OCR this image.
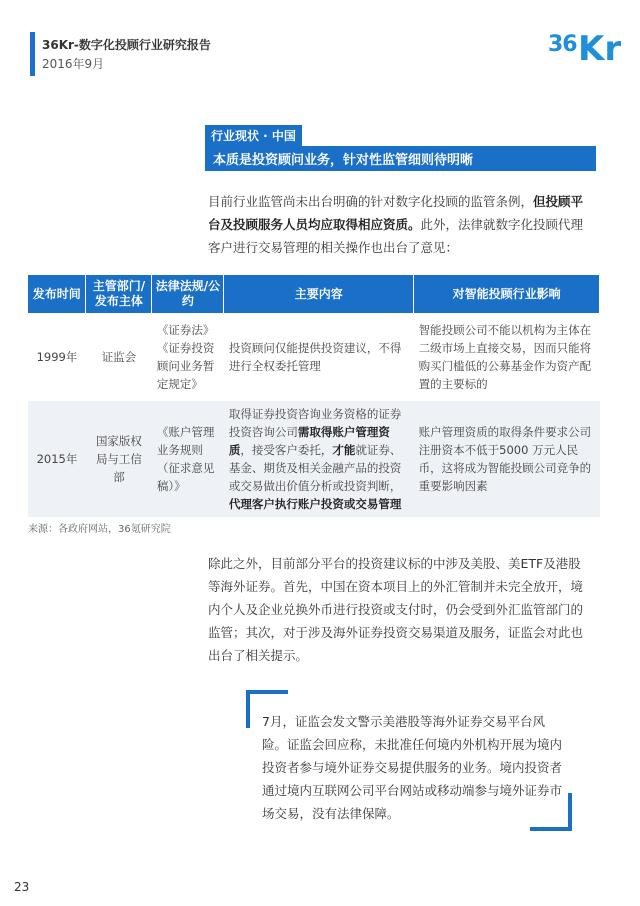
36Kr-数字化投顾行业研究报告
2016年9月
36 Kr
行业现状 · 中国
本质是投资顾问业务，针对性监管细则待明晰
目前行业监管尚未出台明确的针对数字化投顾的监管条例，但投顾平台及投顾服务人员均应取得相应资质。此外，法律就数字化投顾代理客户进行交易管理的相关操作也出台了意见：
发布时间	主管部门/发布主体	法律法规/公约	主要内容	对智能投顾行业影响
1999年	证监会	《证券法》《证券投资顾问业务暂定规定》	投资顾问仅能提供投资建议，不得进行全权委托管理	智能投顾公司不能以机构为主体在二级市场上直接交易，因而只能将购买门槛低的公募基金作为资产配置的主要标的
2015年	国家版权局与工信部	《账户管理业务规则（征求意见稿）》	取得证券投资咨询业务资格的证券投资咨询公司需取得账户管理资质，接受客户委托，才能就证券、基金、期货及相关金融产品的投资或交易做出价值分析或投资判断，代理客户执行账户投资或交易管理	账户管理资质的取得条件要求公司注册资本不低于5000 万元人民币，这将成为智能投顾公司竞争的重要影响因素
来源：各政府网站，36氪研究院
除此之外，目前部分平台的投资建议标的中涉及美股、美ETF及港股等海外证券。首先，中国在资本项目上的外汇管制并未完全放开，境内个人及企业兑换外币进行投资或支付时，仍会受到外汇监管部门的监管；其次，对于涉及海外证券投资交易渠道及服务，证监会对此也出台了相关提示。
7月，证监会发文警示美港股等海外证券交易平台风险。证监会回应称，未批准任何境内外机构开展为境内投资者参与境外证券交易提供服务的业务。境内投资者通过境内互联网公司平台网站或移动端参与境外证券市场交易，没有法律保障。
23
